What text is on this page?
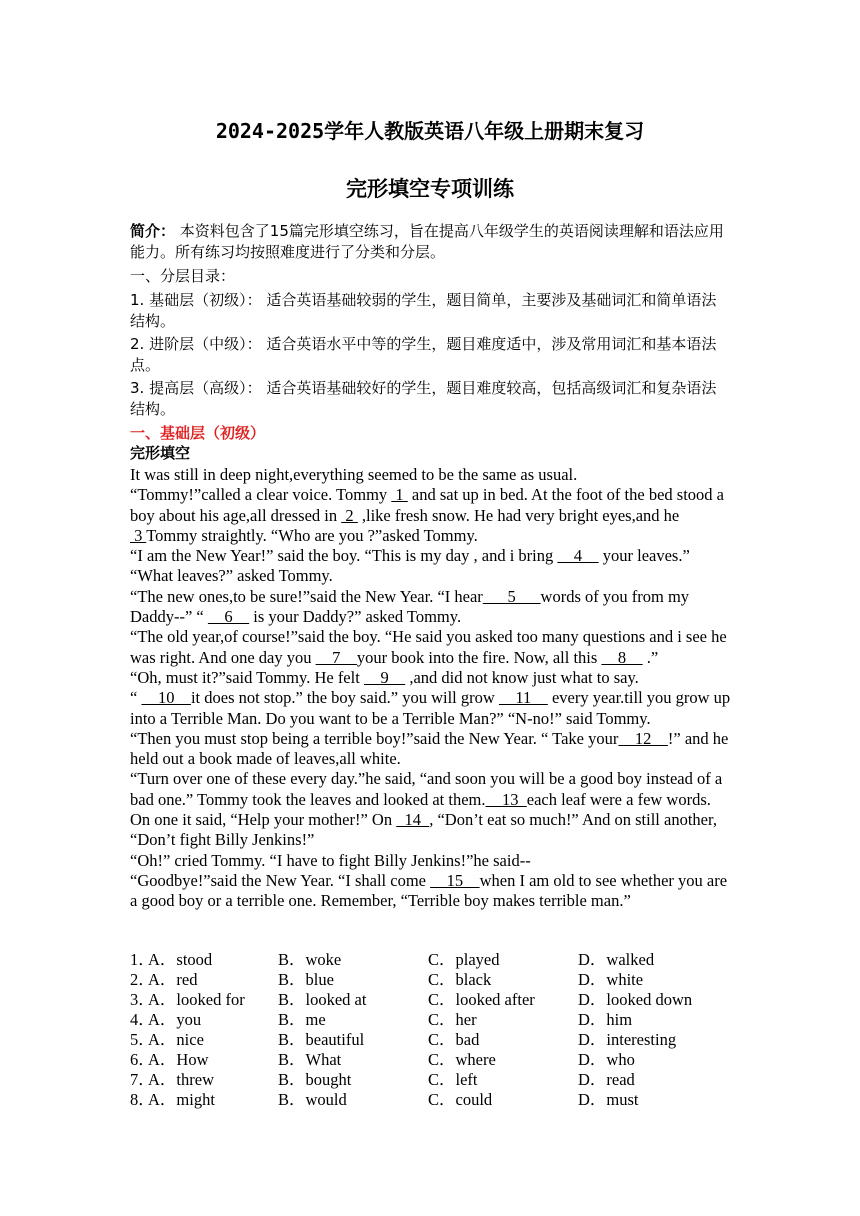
2024-2025学年人教版英语八年级上册期末复习
完形填空专项训练
简介： 本资料包含了15篇完形填空练习，旨在提高八年级学生的英语阅读理解和语法应用能力。所有练习均按照难度进行了分类和分层。
一、分层目录：
1. 基础层（初级）： 适合英语基础较弱的学生，题目简单，主要涉及基础词汇和简单语法结构。
2. 进阶层（中级）： 适合英语水平中等的学生，题目难度适中，涉及常用词汇和基本语法点。
3. 提高层（高级）： 适合英语基础较好的学生，题目难度较高，包括高级词汇和复杂语法结构。
一、基础层（初级）
完形填空
It was still in deep night,everything seemed to be the same as usual.
“Tommy!”called a clear voice. Tommy  1  and sat up in bed. At the foot of the bed stood a boy about his age,all dressed in  2  ,like fresh snow. He had very bright eyes,and he  3 Tommy straightly. “Who are you ?”asked Tommy.
“I am the New Year!” said the boy. “This is my day , and i bring     4     your leaves.” “What leaves?” asked Tommy.
“The new ones,to be sure!”said the New Year. “I hear      5      words of you from my Daddy--” “     6     is your Daddy?” asked Tommy.
“The old year,of course!”said the boy. “He said you asked too many questions and i see he was right. And one day you     7    your book into the fire. Now, all this     8     .”
“Oh, must it?”said Tommy. He felt     9     ,and did not know just what to say.
“     10    it does not stop.” the boy said.” you will grow     11     every year.till you grow up into a Terrible Man. Do you want to be a Terrible Man?” “N-no!” said Tommy.
“Then you must stop being a terrible boy!”said the New Year. “ Take your    12    !” and he held out a book made of leaves,all white.
“Turn over one of these every day.”he said, “and soon you will be a good boy instead of a bad one.” Tommy took the leaves and looked at them.    13  each leaf were a few words. On one it said, “Help your mother!” On   14  , “Don’t eat so much!” And on still another, “Don’t fight Billy Jenkins!”
“Oh!” cried Tommy. “I have to fight Billy Jenkins!”he said--
“Goodbye!”said the New Year. “I shall come     15    when I am old to see whether you are a good boy or a terrible one. Remember, “Terrible boy makes terrible man.”
1．
A．stood	B．woke	C．played	D．walked
2．
A．red	B．blue	C．black	D．white
3．
A．looked for B．looked at	C．looked after	D．looked down
4．
A．you	B．me	C．her	D．him
5．
A．nice	B．beautiful	C．bad	D．interesting
6．
A．How	B．What	C．where	D．who
7．
A．threw	B．bought	C．left	D．read
8．
A．might	B．would	C．could	D．must
